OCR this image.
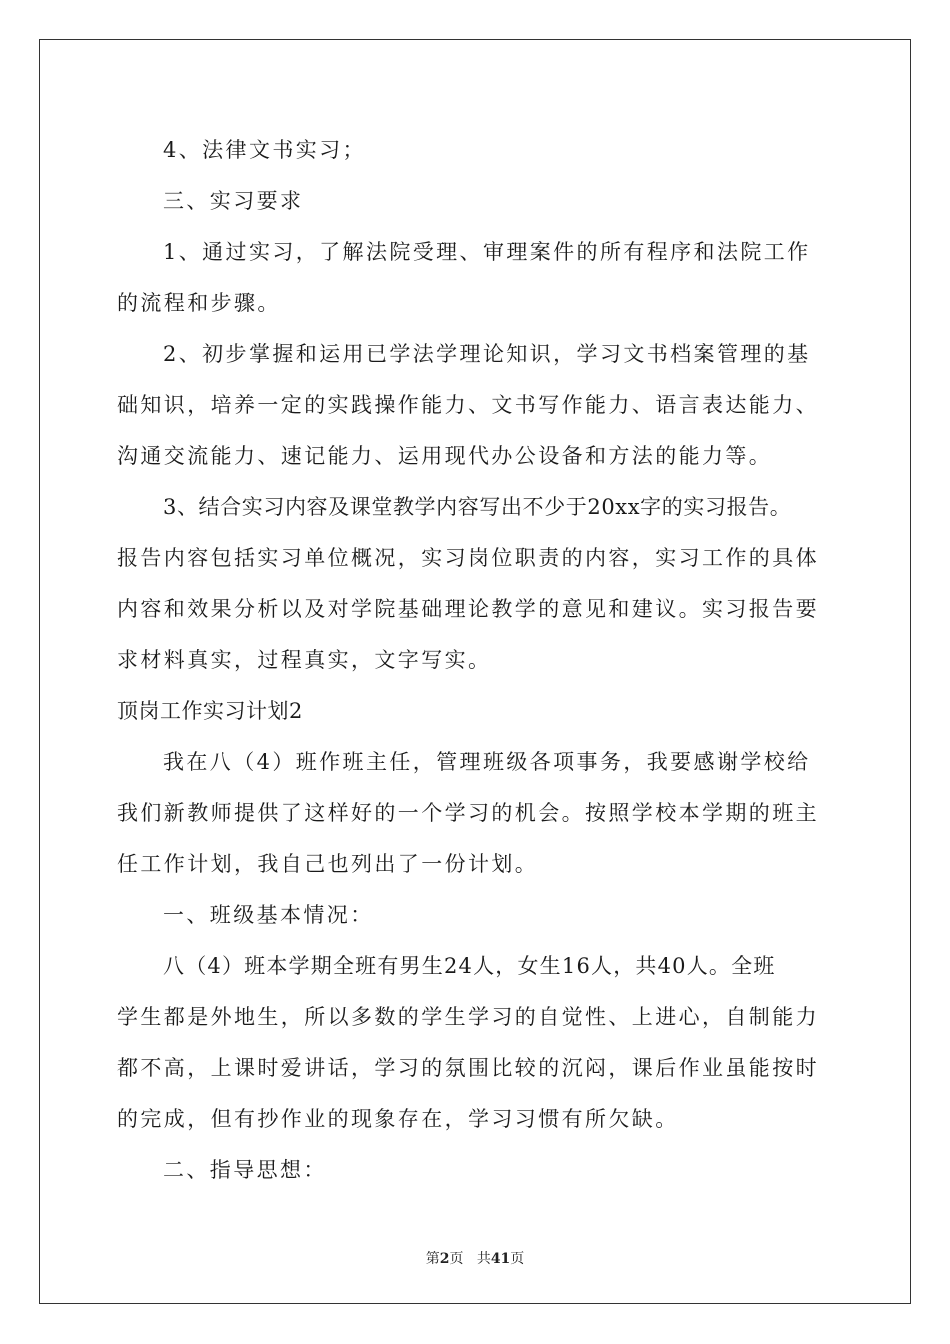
4、法律文书实习；
三、实习要求
1、通过实习，了解法院受理、审理案件的所有程序和法院工作
的流程和步骤。
2、初步掌握和运用已学法学理论知识，学习文书档案管理的基
础知识，培养一定的实践操作能力、文书写作能力、语言表达能力、
沟通交流能力、速记能力、运用现代办公设备和方法的能力等。
3、结合实习内容及课堂教学内容写出不少于20xx字的实习报告。
报告内容包括实习单位概况，实习岗位职责的内容，实习工作的具体
内容和效果分析以及对学院基础理论教学的意见和建议。实习报告要
求材料真实，过程真实，文字写实。
顶岗工作实习计划2
我在八（4）班作班主任，管理班级各项事务，我要感谢学校给
我们新教师提供了这样好的一个学习的机会。按照学校本学期的班主
任工作计划，我自己也列出了一份计划。
一、班级基本情况：
八（4）班本学期全班有男生24人，女生16人，共40人。全班
学生都是外地生，所以多数的学生学习的自觉性、上进心，自制能力
都不高，上课时爱讲话，学习的氛围比较的沉闷，课后作业虽能按时
的完成，但有抄作业的现象存在，学习习惯有所欠缺。
二、指导思想：
第2页 共41页
